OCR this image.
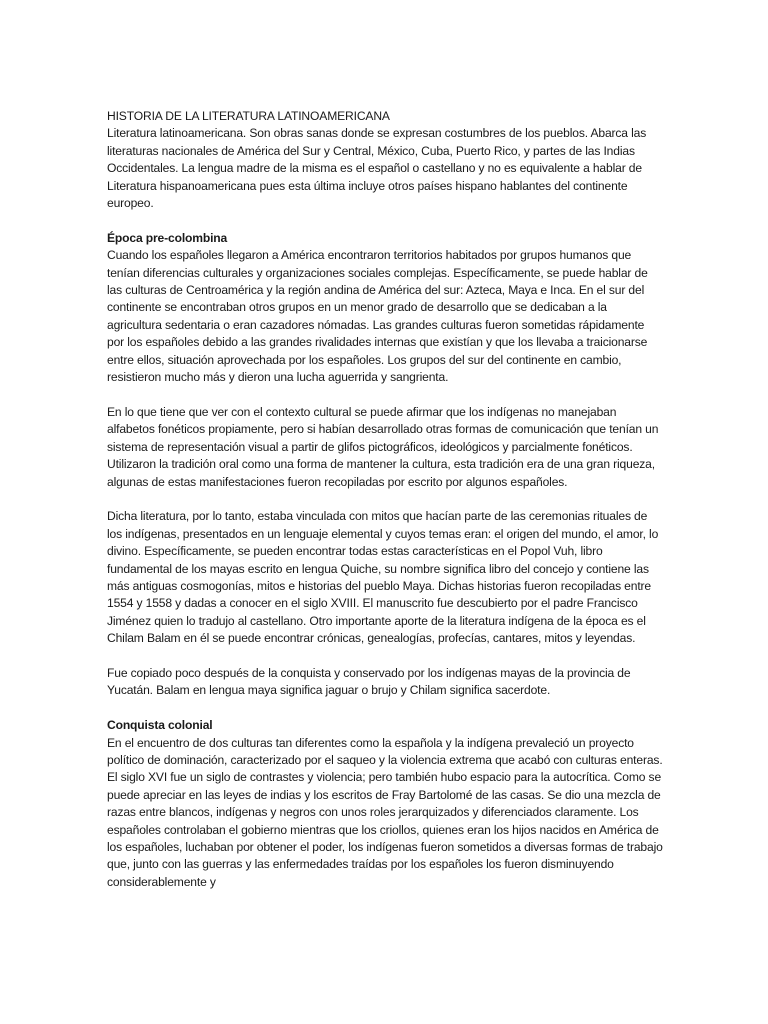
HISTORIA DE LA LITERATURA LATINOAMERICANA

Literatura latinoamericana. Son obras sanas donde se expresan costumbres de los pueblos. Abarca las literaturas nacionales de América del Sur y Central, México, Cuba, Puerto Rico, y partes de las Indias Occidentales. La lengua madre de la misma es el español o castellano y no es equivalente a hablar de Literatura hispanoamericana pues esta última incluye otros países hispano hablantes del continente europeo.

Época pre-colombina

Cuando los españoles llegaron a América encontraron territorios habitados por grupos humanos que tenían diferencias culturales y organizaciones sociales complejas. Específicamente, se puede hablar de las culturas de Centroamérica y la región andina de América del sur: Azteca, Maya e Inca. En el sur del continente se encontraban otros grupos en un menor grado de desarrollo que se dedicaban a la agricultura sedentaria o eran cazadores nómadas. Las grandes culturas fueron sometidas rápidamente por los españoles debido a las grandes rivalidades internas que existían y que los llevaba a traicionarse entre ellos, situación aprovechada por los españoles. Los grupos del sur del continente en cambio, resistieron mucho más y dieron una lucha aguerrida y sangrienta.

En lo que tiene que ver con el contexto cultural se puede afirmar que los indígenas no manejaban alfabetos fonéticos propiamente, pero si habían desarrollado otras formas de comunicación que tenían un sistema de representación visual a partir de glifos pictográficos, ideológicos y parcialmente fonéticos. Utilizaron la tradición oral como una forma de mantener la cultura, esta tradición era de una gran riqueza, algunas de estas manifestaciones fueron recopiladas por escrito por algunos españoles.

Dicha literatura, por lo tanto, estaba vinculada con mitos que hacían parte de las ceremonias rituales de los indígenas, presentados en un lenguaje elemental y cuyos temas eran: el origen del mundo, el amor, lo divino. Específicamente, se pueden encontrar todas estas características en el Popol Vuh, libro fundamental de los mayas escrito en lengua Quiche, su nombre significa libro del concejo y contiene las más antiguas cosmogonías, mitos e historias del pueblo Maya. Dichas historias fueron recopiladas entre 1554 y 1558 y dadas a conocer en el siglo XVIII. El manuscrito fue descubierto por el padre Francisco Jiménez quien lo tradujo al castellano. Otro importante aporte de la literatura indígena de la época es el Chilam Balam en él se puede encontrar crónicas, genealogías, profecías, cantares, mitos y leyendas.

Fue copiado poco después de la conquista y conservado por los indígenas mayas de la provincia de Yucatán. Balam en lengua maya significa jaguar o brujo y Chilam significa sacerdote.

Conquista colonial

En el encuentro de dos culturas tan diferentes como la española y la indígena prevaleció un proyecto político de dominación, caracterizado por el saqueo y la violencia extrema que acabó con culturas enteras. El siglo XVI fue un siglo de contrastes y violencia; pero también hubo espacio para la autocrítica. Como se puede apreciar en las leyes de indias y los escritos de Fray Bartolomé de las casas. Se dio una mezcla de razas entre blancos, indígenas y negros con unos roles jerarquizados y diferenciados claramente. Los españoles controlaban el gobierno mientras que los criollos, quienes eran los hijos nacidos en América de los españoles, luchaban por obtener el poder, los indígenas fueron sometidos a diversas formas de trabajo que, junto con las guerras y las enfermedades traídas por los españoles los fueron disminuyendo considerablemente y
